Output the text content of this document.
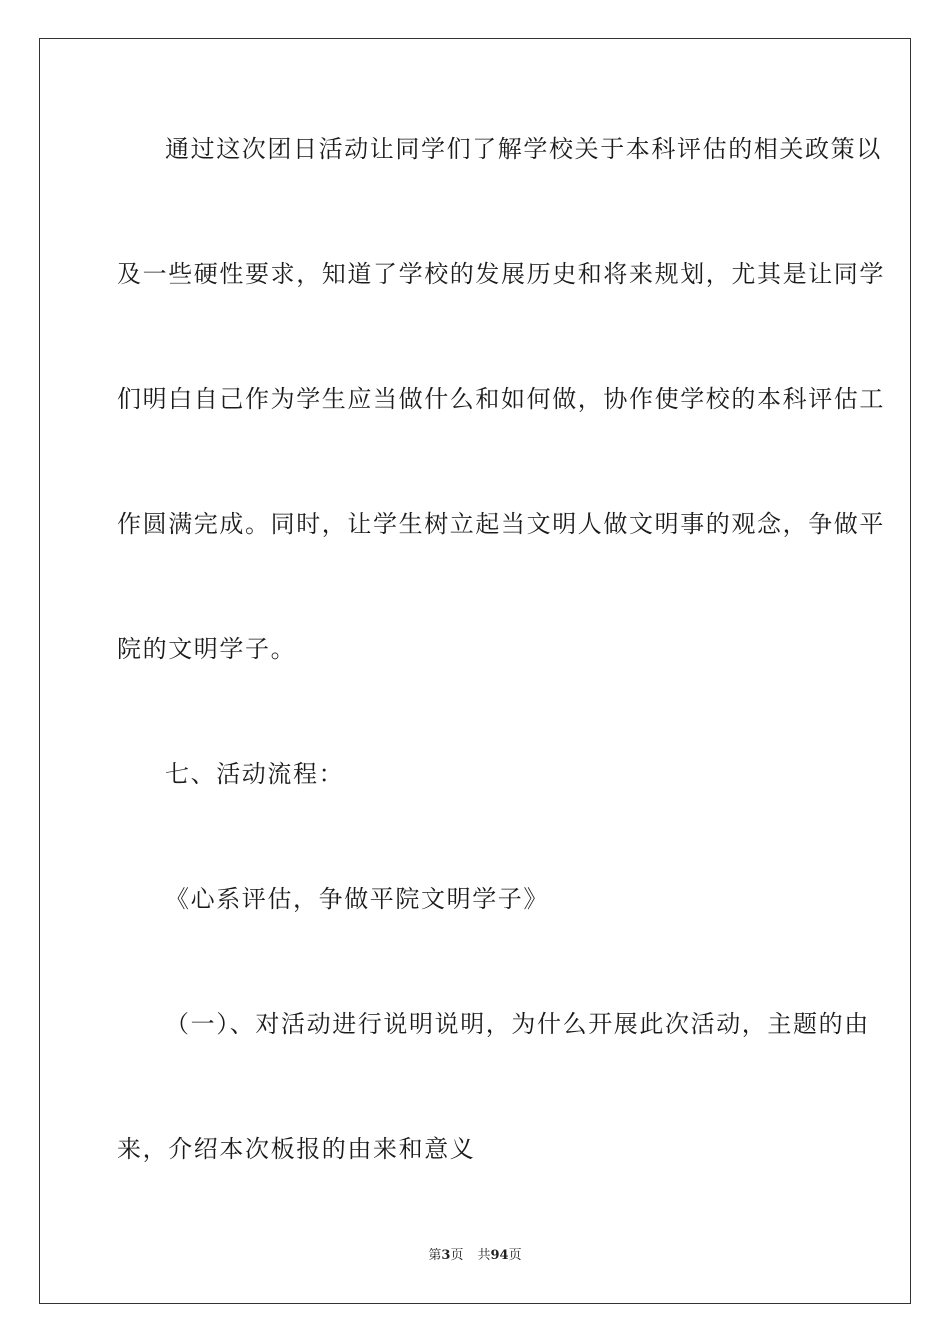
通过这次团日活动让同学们了解学校关于本科评估的相关政策以
及一些硬性要求，知道了学校的发展历史和将来规划，尤其是让同学
们明白自己作为学生应当做什么和如何做，协作使学校的本科评估工
作圆满完成。同时，让学生树立起当文明人做文明事的观念，争做平
院的文明学子。
七、活动流程：
《心系评估，争做平院文明学子》
（一）、对活动进行说明说明，为什么开展此次活动，主题的由
来，介绍本次板报的由来和意义
第3页 共94页
